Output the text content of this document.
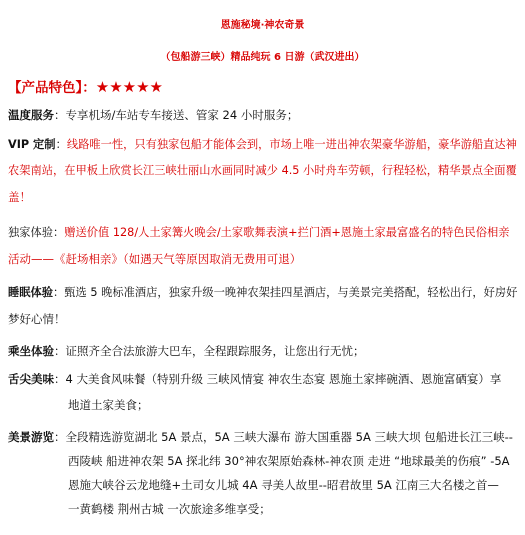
恩施秘境·神农奇景
（包船游三峡）精品纯玩 6 日游（武汉进出）
【产品特色】：★★★★★
温度服务：专享机场/车站专车接送、管家 24 小时服务；
VIP 定制：线路唯一性，只有独家包船才能体会到，市场上唯一进出神农架豪华游船，豪华游船直达神
农架南站，在甲板上欣赏长江三峡壮丽山水画同时减少 4.5 小时舟车劳顿，行程轻松，精华景点全面覆
盖！
独家体验：赠送价值 128/人土家篝火晚会/土家歌舞表演+拦门酒+恩施土家最富盛名的特色民俗相亲
活动——《赶场相亲》（如遇天气等原因取消无费用可退）
睡眠体验：甄选 5 晚标准酒店，独家升级一晚神农架挂四星酒店，与美景完美搭配，轻松出行，好房好
梦好心情！
乘坐体验：证照齐全合法旅游大巴车，全程跟踪服务，让您出行无忧；
舌尖美味：4 大美食风味餐（特别升级 三峡风情宴 神农生态宴 恩施土家摔碗酒、恩施富硒宴）享
地道土家美食；
美景游览：全段精选游览湖北 5A 景点，5A 三峡大瀑布 游大国重器 5A 三峡大坝 包船进长江三峡--
西陵峡 船进神农架 5A 探北纬 30°神农架原始森林-神农顶 走进 “地球最美的伤痕” -5A
恩施大峡谷云龙地缝+土司女儿城 4A 寻美人故里--昭君故里 5A 江南三大名楼之首—
一黄鹤楼 荆州古城 一次旅途多维享受；
